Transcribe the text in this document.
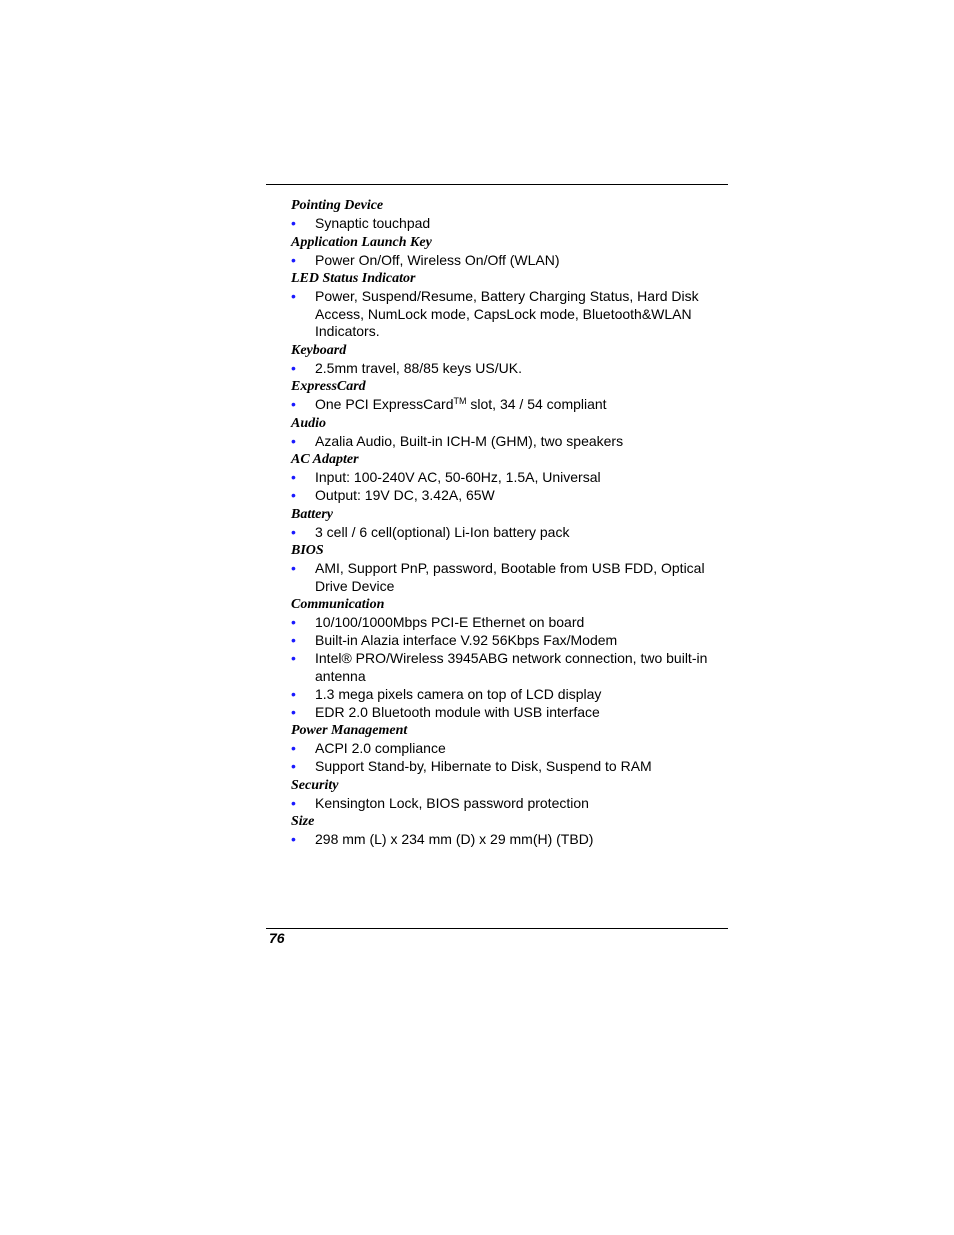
Pointing Device
• Synaptic touchpad
Application Launch Key
• Power On/Off, Wireless On/Off (WLAN)
LED Status Indicator
• Power, Suspend/Resume, Battery Charging Status, Hard Disk Access, NumLock mode, CapsLock mode, Bluetooth&WLAN Indicators.
Keyboard
• 2.5mm travel, 88/85 keys US/UK.
ExpressCard
• One PCI ExpressCard™ slot, 34 / 54 compliant
Audio
• Azalia Audio, Built-in ICH-M (GHM), two speakers
AC Adapter
• Input: 100-240V AC, 50-60Hz, 1.5A, Universal
• Output: 19V DC, 3.42A, 65W
Battery
• 3 cell / 6 cell(optional) Li-Ion battery pack
BIOS
• AMI, Support PnP, password, Bootable from USB FDD, Optical Drive Device
Communication
• 10/100/1000Mbps PCI-E Ethernet on board
• Built-in Alazia interface V.92 56Kbps Fax/Modem
• Intel® PRO/Wireless 3945ABG network connection, two built-in antenna
• 1.3 mega pixels camera on top of LCD display
• EDR 2.0 Bluetooth module with USB interface
Power Management
• ACPI 2.0 compliance
• Support Stand-by, Hibernate to Disk, Suspend to RAM
Security
• Kensington Lock, BIOS password protection
Size
• 298 mm (L) x 234 mm (D) x 29 mm(H) (TBD)
76
